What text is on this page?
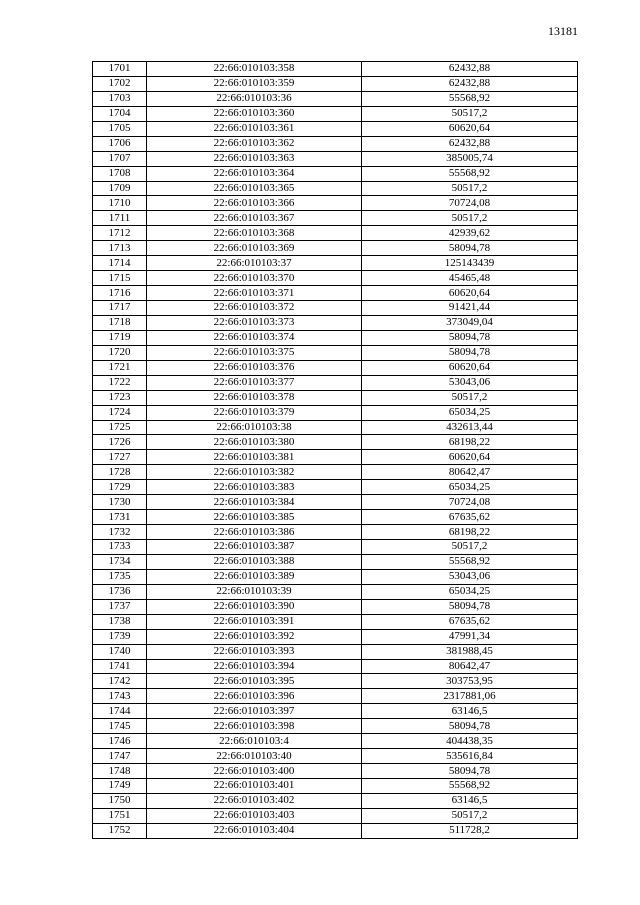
13181
1701	22:66:010103:358	62432,88
1702	22:66:010103:359	62432,88
1703	22:66:010103:36	55568,92
1704	22:66:010103:360	50517,2
1705	22:66:010103:361	60620,64
1706	22:66:010103:362	62432,88
1707	22:66:010103:363	385005,74
1708	22:66:010103:364	55568,92
1709	22:66:010103:365	50517,2
1710	22:66:010103:366	70724,08
1711	22:66:010103:367	50517,2
1712	22:66:010103:368	42939,62
1713	22:66:010103:369	58094,78
1714	22:66:010103:37	125143439
1715	22:66:010103:370	45465,48
1716	22:66:010103:371	60620,64
1717	22:66:010103:372	91421,44
1718	22:66:010103:373	373049,04
1719	22:66:010103:374	58094,78
1720	22:66:010103:375	58094,78
1721	22:66:010103:376	60620,64
1722	22:66:010103:377	53043,06
1723	22:66:010103:378	50517,2
1724	22:66:010103:379	65034,25
1725	22:66:010103:38	432613,44
1726	22:66:010103:380	68198,22
1727	22:66:010103:381	60620,64
1728	22:66:010103:382	80642,47
1729	22:66:010103:383	65034,25
1730	22:66:010103:384	70724,08
1731	22:66:010103:385	67635,62
1732	22:66:010103:386	68198,22
1733	22:66:010103:387	50517,2
1734	22:66:010103:388	55568,92
1735	22:66:010103:389	53043,06
1736	22:66:010103:39	65034,25
1737	22:66:010103:390	58094,78
1738	22:66:010103:391	67635,62
1739	22:66:010103:392	47991,34
1740	22:66:010103:393	381988,45
1741	22:66:010103:394	80642,47
1742	22:66:010103:395	303753,95
1743	22:66:010103:396	2317881,06
1744	22:66:010103:397	63146,5
1745	22:66:010103:398	58094,78
1746	22:66:010103:4	404438,35
1747	22:66:010103:40	535616,84
1748	22:66:010103:400	58094,78
1749	22:66:010103:401	55568,92
1750	22:66:010103:402	63146,5
1751	22:66:010103:403	50517,2
1752	22:66:010103:404	511728,2
